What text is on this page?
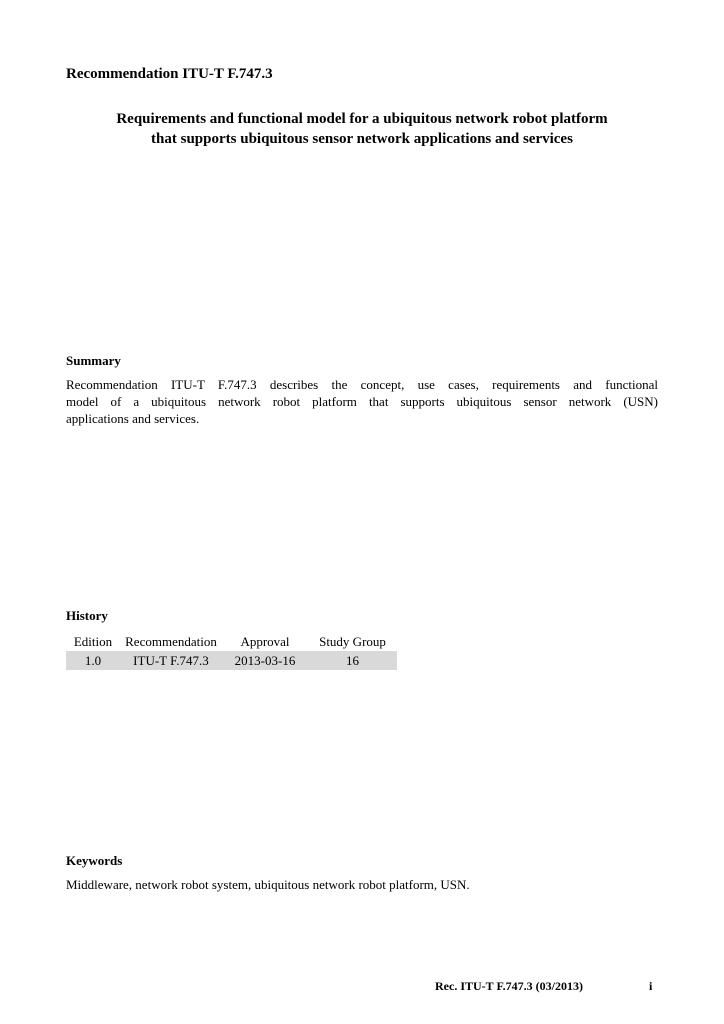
Recommendation ITU-T F.747.3
Requirements and functional model for a ubiquitous network robot platform
that supports ubiquitous sensor network applications and services
Summary

Recommendation ITU-T F.747.3 describes the concept, use cases, requirements and functional
model of a ubiquitous network robot platform that supports ubiquitous sensor network (USN)
applications and services.

History
Edition	Recommendation	Approval	Study Group
1.0	ITU-T F.747.3	2013-03-16	16
Keywords

Middleware, network robot system, ubiquitous network robot platform, USN.

Rec. ITU-T F.747.3 (03/2013)	i
